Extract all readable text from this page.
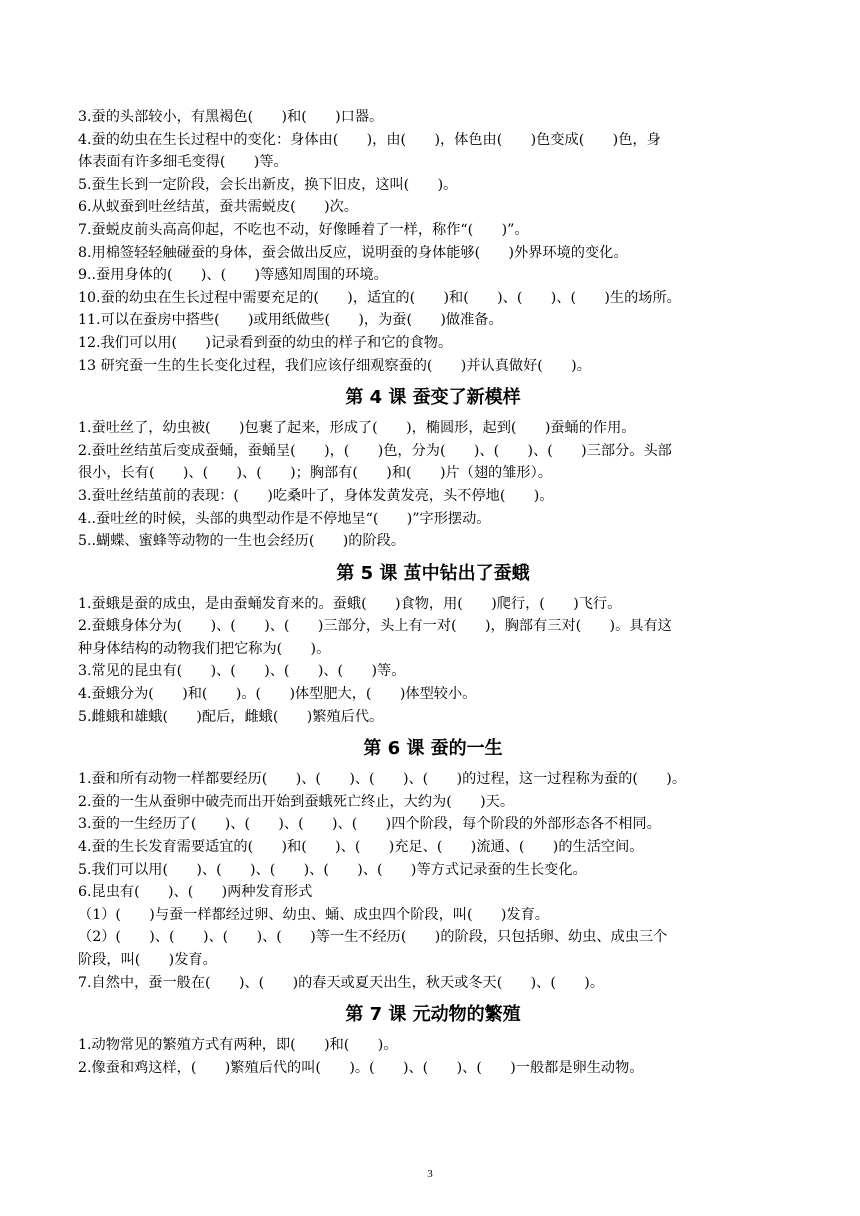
3.蚕的头部较小，有黑褐色(　　)和(　　)口器。

4.蚕的幼虫在生长过程中的变化：身体由(　　)，由(　　)，体色由(　　)色变成(　　)色，身

体表面有许多细毛变得(　　)等。

5.蚕生长到一定阶段，会长出新皮，换下旧皮，这叫(　　)。

6.从蚁蚕到吐丝结茧，蚕共需蜕皮(　　)次。

7.蚕蜕皮前头高高仰起，不吃也不动，好像睡着了一样，称作“(　　)”。

8.用棉签轻轻触碰蚕的身体，蚕会做出反应，说明蚕的身体能够(　　)外界环境的变化。

9..蚕用身体的(　　)、(　　)等感知周围的环境。

10.蚕的幼虫在生长过程中需要充足的(　　)，适宜的(　　)和(　　)、(　　)、(　　)生的场所。

11.可以在蚕房中搭些(　　)或用纸做些(　　)，为蚕(　　)做准备。

12.我们可以用(　　)记录看到蚕的幼虫的样子和它的食物。

13 研究蚕一生的生长变化过程，我们应该仔细观察蚕的(　　)并认真做好(　　)。

第 4 课 蚕变了新模样

1.蚕吐丝了，幼虫被(　　)包裹了起来，形成了(　　)，椭圆形，起到(　　)蚕蛹的作用。

2.蚕吐丝结茧后变成蚕蛹，蚕蛹呈(　　)，(　　)色，分为(　　)、(　　)、(　　)三部分。头部

很小，长有(　　)、(　　)、(　　)；胸部有(　　)和(　　)片（翅的雏形）。

3.蚕吐丝结茧前的表现：(　　)吃桑叶了，身体发黄发亮，头不停地(　　)。

4..蚕吐丝的时候，头部的典型动作是不停地呈“(　　)”字形摆动。

5..蝴蝶、蜜蜂等动物的一生也会经历(　　)的阶段。

第 5 课 茧中钻出了蚕蛾

1.蚕蛾是蚕的成虫，是由蚕蛹发育来的。蚕蛾(　　)食物，用(　　)爬行，(　　)飞行。

2.蚕蛾身体分为(　　)、(　　)、(　　)三部分，头上有一对(　　)，胸部有三对(　　)。具有这

种身体结构的动物我们把它称为(　　)。

3.常见的昆虫有(　　)、(　　)、(　　)、(　　)等。

4.蚕蛾分为(　　)和(　　)。(　　)体型肥大，(　　)体型较小。

5.雌蛾和雄蛾(　　)配后，雌蛾(　　)繁殖后代。

第 6 课 蚕的一生

1.蚕和所有动物一样都要经历(　　)、(　　)、(　　)、(　　)的过程，这一过程称为蚕的(　　)。

2.蚕的一生从蚕卵中破壳而出开始到蚕蛾死亡终止，大约为(　　)天。

3.蚕的一生经历了(　　)、(　　)、(　　)、(　　)四个阶段，每个阶段的外部形态各不相同。

4.蚕的生长发育需要适宜的(　　)和(　　)、(　　)充足、(　　)流通、(　　)的生活空间。

5.我们可以用(　　)、(　　)、(　　)、(　　)、(　　)等方式记录蚕的生长变化。

6.昆虫有(　　)、(　　)两种发育形式

（1）(　　)与蚕一样都经过卵、幼虫、蛹、成虫四个阶段，叫(　　)发育。

（2）(　　)、(　　)、(　　)、(　　)等一生不经历(　　)的阶段，只包括卵、幼虫、成虫三个

阶段，叫(　　)发育。

7.自然中，蚕一般在(　　)、(　　)的春天或夏天出生，秋天或冬天(　　)、(　　)。

第 7 课 元动物的繁殖

1.动物常见的繁殖方式有两种，即(　　)和(　　)。

2.像蚕和鸡这样，(　　)繁殖后代的叫(　　)。(　　)、(　　)、(　　)一般都是卵生动物。

3
